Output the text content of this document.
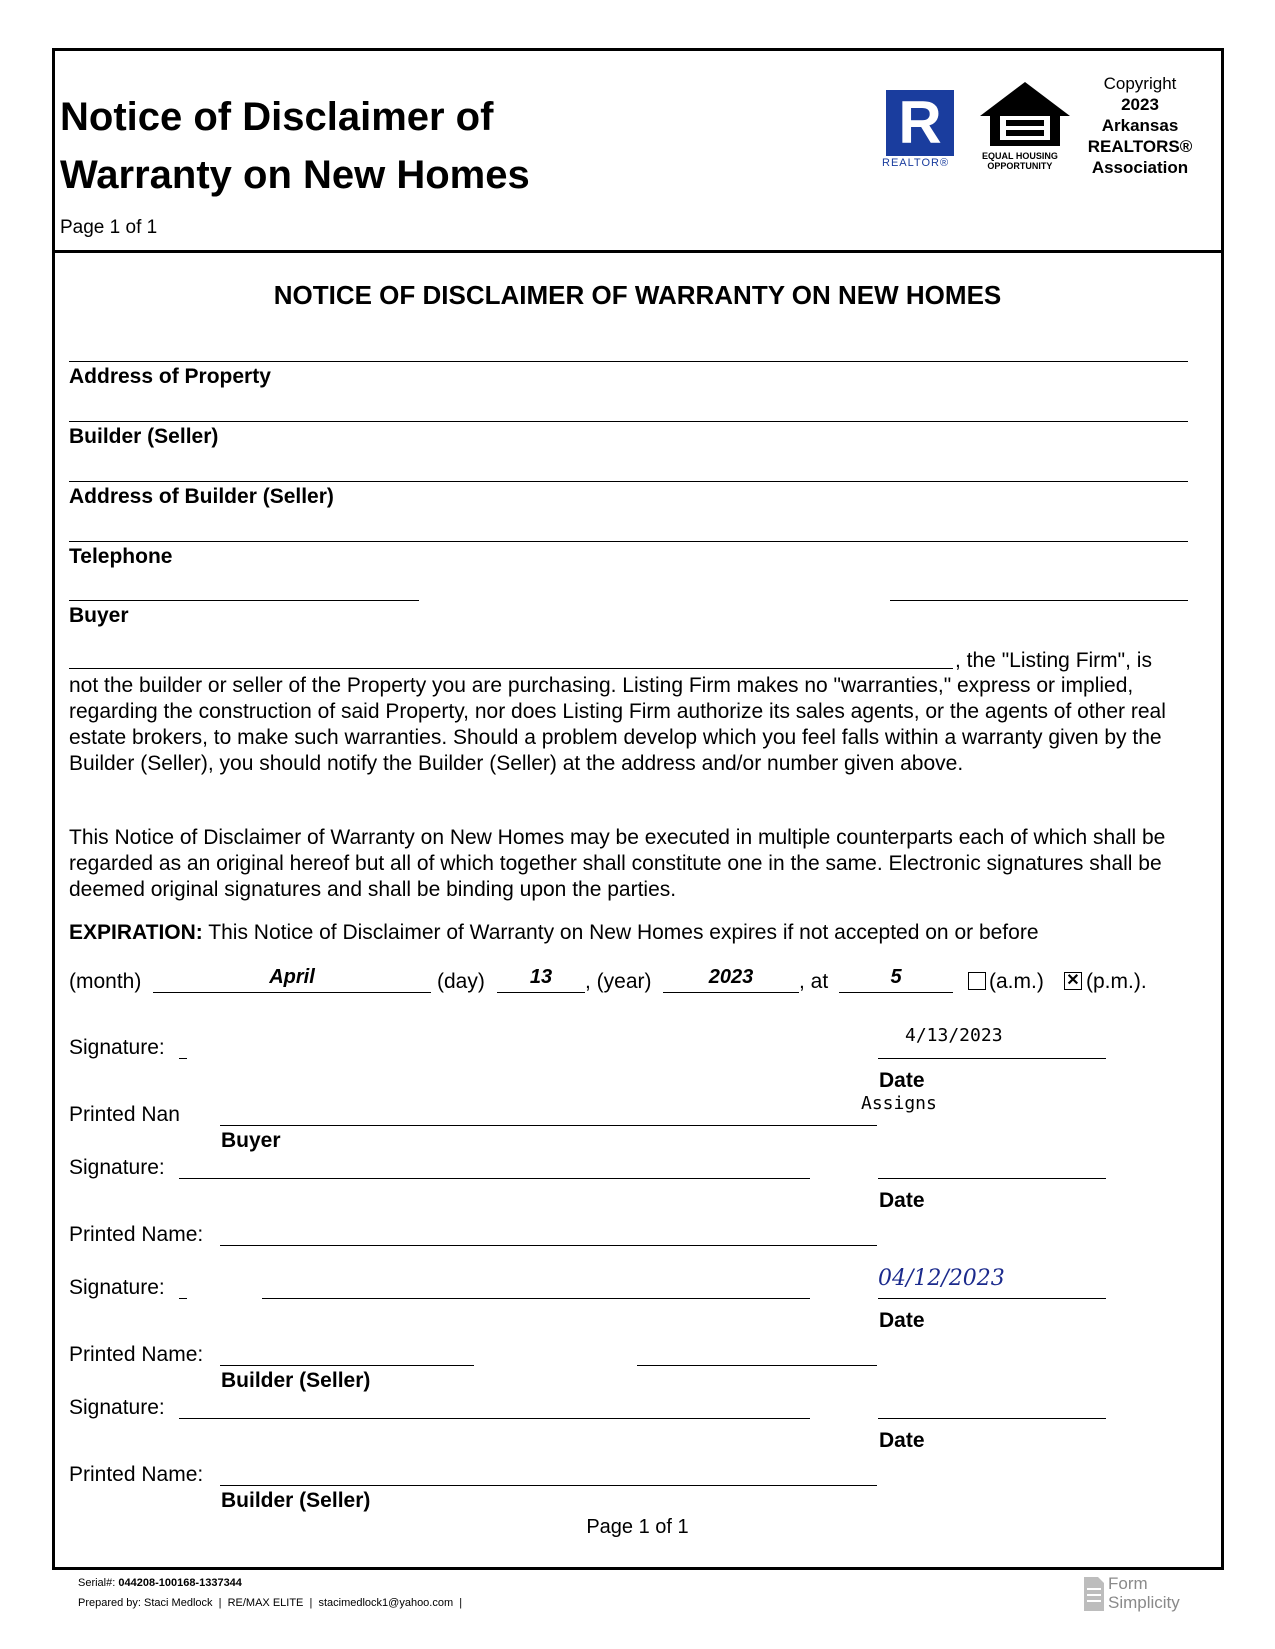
Notice of Disclaimer of
Warranty on New Homes
Page 1 of 1
R
REALTOR®
EQUAL HOUSING
OPPORTUNITY
Copyright
2023
Arkansas
REALTORS®
Association
NOTICE OF DISCLAIMER OF WARRANTY ON NEW HOMES
Address of Property
Builder (Seller)
Address of Builder (Seller)
Telephone
Buyer
, the "Listing Firm", is
not the builder or seller of the Property you are purchasing. Listing Firm makes no "warranties," express or implied, regarding the construction of said Property, nor does Listing Firm authorize its sales agents, or the agents of other real estate brokers, to make such warranties. Should a problem develop which you feel falls within a warranty given by the Builder (Seller), you should notify the Builder (Seller) at the address and/or number given above.
This Notice of Disclaimer of Warranty on New Homes may be executed in multiple counterparts each of which shall be regarded as an original hereof but all of which together shall constitute one in the same. Electronic signatures shall be deemed original signatures and shall be binding upon the parties.
EXPIRATION: This Notice of Disclaimer of Warranty on New Homes expires if not accepted on or before
(month)	April	(day)	13	, (year)	2023	, at	5	(a.m.) ✕ (p.m.).
Signature:
4/13/2023
Date
Assigns
Printed Nan
Buyer
Signature:
Date
Printed Name:
Signature:	04/12/2023
Date
Printed Name:
Builder (Seller)
Signature:
Date
Printed Name:
Builder (Seller)
Page 1 of 1
Serial#: 044208-100168-1337344
Prepared by: Staci Medlock  |  RE/MAX ELITE  |  stacimedlock1@yahoo.com  |
Form
Simplicity
